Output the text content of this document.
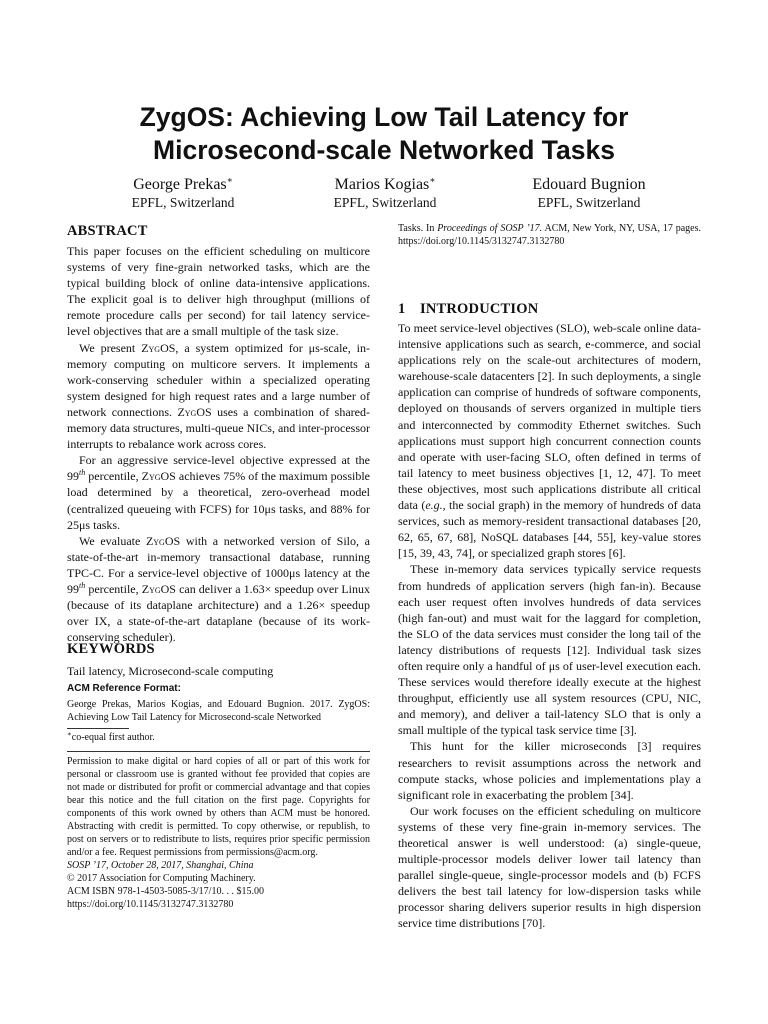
ZygOS: Achieving Low Tail Latency for
Microsecond-scale Networked Tasks
George Prekas∗
EPFL, Switzerland
Marios Kogias∗
EPFL, Switzerland
Edouard Bugnion
EPFL, Switzerland
ABSTRACT

This paper focuses on the efficient scheduling on multicore systems of very fine-grain networked tasks, which are the typical building block of online data-intensive applications. The explicit goal is to deliver high throughput (millions of remote procedure calls per second) for tail latency service-level objectives that are a small multiple of the task size.

We present ZygOS, a system optimized for μs-scale, in-memory computing on multicore servers. It implements a work-conserving scheduler within a specialized operating system designed for high request rates and a large number of network connections. ZygOS uses a combination of shared-memory data structures, multi-queue NICs, and inter-processor interrupts to rebalance work across cores.

For an aggressive service-level objective expressed at the 99th percentile, ZygOS achieves 75% of the maximum possible load determined by a theoretical, zero-overhead model (centralized queueing with FCFS) for 10μs tasks, and 88% for 25μs tasks.

We evaluate ZygOS with a networked version of Silo, a state-of-the-art in-memory transactional database, running TPC-C. For a service-level objective of 1000μs latency at the 99th percentile, ZygOS can deliver a 1.63× speedup over Linux (because of its dataplane architecture) and a 1.26× speedup over IX, a state-of-the-art dataplane (because of its work-conserving scheduler).

KEYWORDS

Tail latency, Microsecond-scale computing

ACM Reference Format:

George Prekas, Marios Kogias, and Edouard Bugnion. 2017. ZygOS: Achieving Low Tail Latency for Microsecond-scale Networked

∗co-equal first author.

Permission to make digital or hard copies of all or part of this work for personal or classroom use is granted without fee provided that copies are not made or distributed for profit or commercial advantage and that copies bear this notice and the full citation on the first page. Copyrights for components of this work owned by others than ACM must be honored. Abstracting with credit is permitted. To copy otherwise, or republish, to post on servers or to redistribute to lists, requires prior specific permission and/or a fee. Request permissions from permissions@acm.org.

SOSP ’17, October 28, 2017, Shanghai, China
© 2017 Association for Computing Machinery.
ACM ISBN 978-1-4503-5085-3/17/10. . . $15.00
https://doi.org/10.1145/3132747.3132780

Tasks. In Proceedings of SOSP ’17. ACM, New York, NY, USA, 17 pages. https://doi.org/10.1145/3132747.3132780

1 INTRODUCTION

To meet service-level objectives (SLO), web-scale online data-intensive applications such as search, e-commerce, and social applications rely on the scale-out architectures of modern, warehouse-scale datacenters [2]. In such deployments, a single application can comprise of hundreds of software components, deployed on thousands of servers organized in multiple tiers and interconnected by commodity Ethernet switches. Such applications must support high concurrent connection counts and operate with user-facing SLO, often defined in terms of tail latency to meet business objectives [1, 12, 47]. To meet these objectives, most such applications distribute all critical data (e.g., the social graph) in the memory of hundreds of data services, such as memory-resident transactional databases [20, 62, 65, 67, 68], NoSQL databases [44, 55], key-value stores [15, 39, 43, 74], or specialized graph stores [6].

These in-memory data services typically service requests from hundreds of application servers (high fan-in). Because each user request often involves hundreds of data services (high fan-out) and must wait for the laggard for completion, the SLO of the data services must consider the long tail of the latency distributions of requests [12]. Individual task sizes often require only a handful of μs of user-level execution each. These services would therefore ideally execute at the highest throughput, efficiently use all system resources (CPU, NIC, and memory), and deliver a tail-latency SLO that is only a small multiple of the typical task service time [3].

This hunt for the killer microseconds [3] requires researchers to revisit assumptions across the network and compute stacks, whose policies and implementations play a significant role in exacerbating the problem [34].

Our work focuses on the efficient scheduling on multicore systems of these very fine-grain in-memory services. The theoretical answer is well understood: (a) single-queue, multiple-processor models deliver lower tail latency than parallel single-queue, single-processor models and (b) FCFS delivers the best tail latency for low-dispersion tasks while processor sharing delivers superior results in high dispersion service time distributions [70].
